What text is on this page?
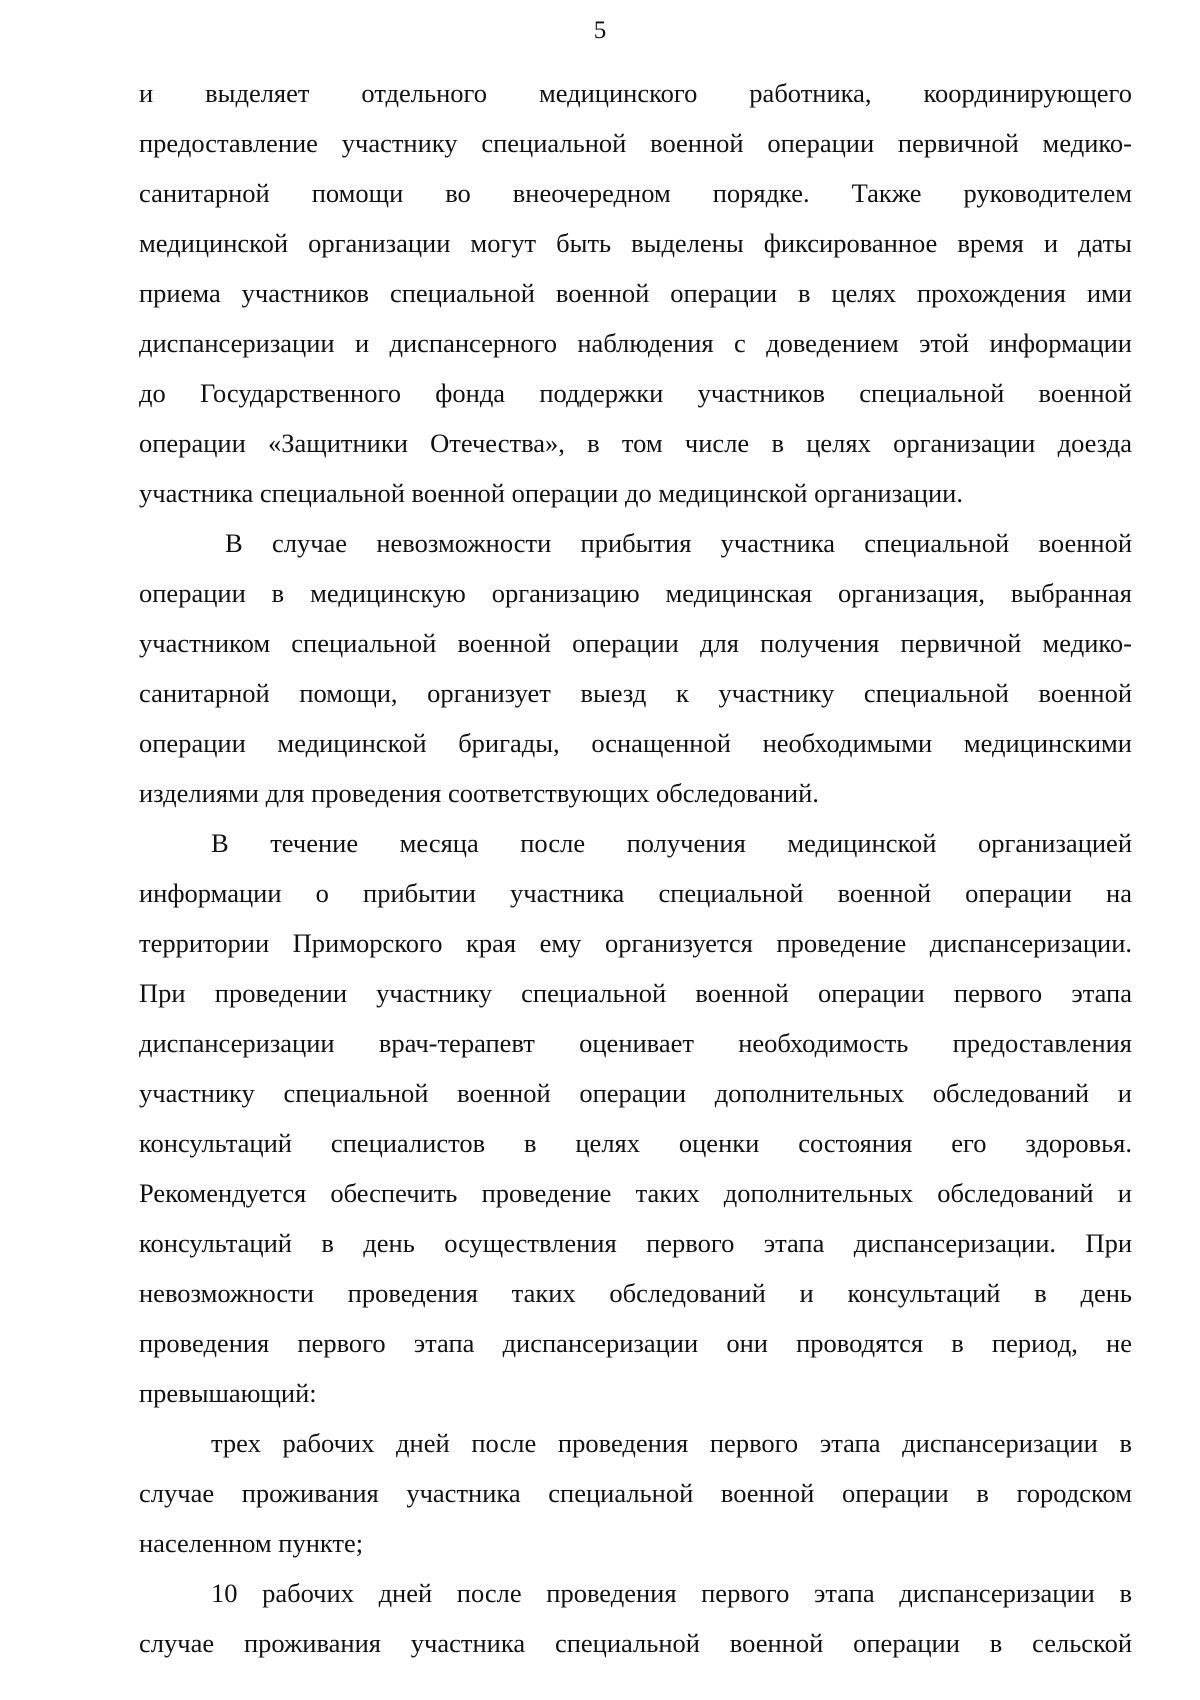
5
и выделяет отдельного медицинского работника, координирующего
предоставление участнику специальной военной операции первичной медико-
санитарной помощи во внеочередном порядке. Также руководителем
медицинской организации могут быть выделены фиксированное время и даты
приема участников специальной военной операции в целях прохождения ими
диспансеризации и диспансерного наблюдения с доведением этой информации
до Государственного фонда поддержки участников специальной военной
операции «Защитники Отечества», в том числе в целях организации доезда
участника специальной военной операции до медицинской организации.
В случае невозможности прибытия участника специальной военной
операции в медицинскую организацию медицинская организация, выбранная
участником специальной военной операции для получения первичной медико-
санитарной помощи, организует выезд к участнику специальной военной
операции медицинской бригады, оснащенной необходимыми медицинскими
изделиями для проведения соответствующих обследований.
В течение месяца после получения медицинской организацией
информации о прибытии участника специальной военной операции на
территории Приморского края ему организуется проведение диспансеризации.
При проведении участнику специальной военной операции первого этапа
диспансеризации врач-терапевт оценивает необходимость предоставления
участнику специальной военной операции дополнительных обследований и
консультаций специалистов в целях оценки состояния его здоровья.
Рекомендуется обеспечить проведение таких дополнительных обследований и
консультаций в день осуществления первого этапа диспансеризации. При
невозможности проведения таких обследований и консультаций в день
проведения первого этапа диспансеризации они проводятся в период, не
превышающий:
трех рабочих дней после проведения первого этапа диспансеризации в
случае проживания участника специальной военной операции в городском
населенном пункте;
10 рабочих дней после проведения первого этапа диспансеризации в
случае проживания участника специальной военной операции в сельской
